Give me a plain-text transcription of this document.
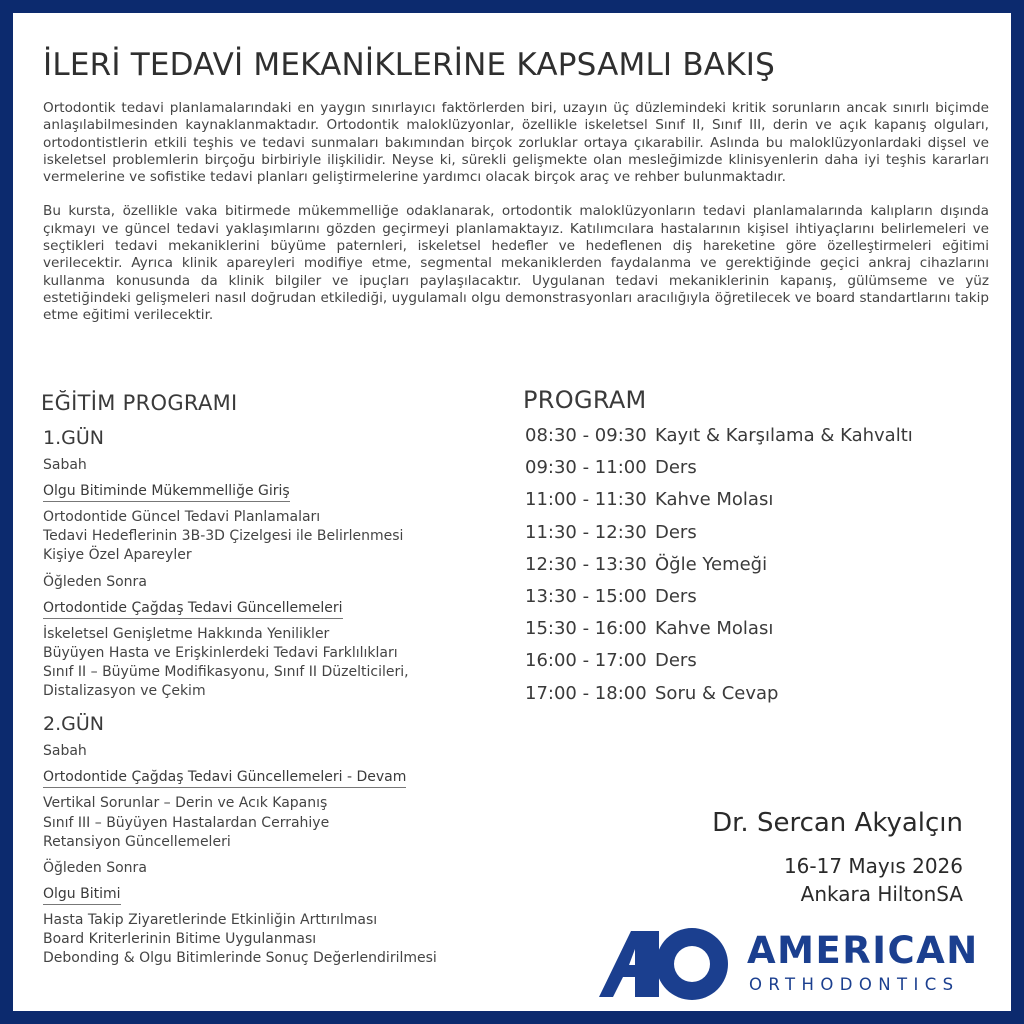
İLERİ TEDAVİ MEKANİKLERİNE KAPSAMLI BAKIŞ

Ortodontik tedavi planlamalarındaki en yaygın sınırlayıcı faktörlerden biri, uzayın üç düzlemindeki kritik sorunların ancak sınırlı biçimde anlaşılabilmesinden kaynaklanmaktadır. Ortodontik maloklüzyonlar, özellikle iskeletsel Sınıf II, Sınıf III, derin ve açık kapanış olguları, ortodontistlerin etkili teşhis ve tedavi sunmaları bakımından birçok zorluklar ortaya çıkarabilir. Aslında bu maloklüzyonlardaki dişsel ve iskeletsel problemlerin birçoğu birbiriyle ilişkilidir. Neyse ki, sürekli gelişmekte olan mesleğimizde klinisyenlerin daha iyi teşhis kararları vermelerine ve sofistike tedavi planları geliştirmelerine yardımcı olacak birçok araç ve rehber bulunmaktadır.

Bu kursta, özellikle vaka bitirmede mükemmelliğe odaklanarak, ortodontik maloklüzyonların tedavi planlamalarında kalıpların dışında çıkmayı ve güncel tedavi yaklaşımlarını gözden geçirmeyi planlamaktayız. Katılımcılara hastalarının kişisel ihtiyaçlarını belirlemeleri ve seçtikleri tedavi mekaniklerini büyüme paternleri, iskeletsel hedefler ve hedeflenen diş hareketine göre özelleştirmeleri eğitimi verilecektir. Ayrıca klinik apareyleri modifiye etme, segmental mekaniklerden faydalanma ve gerektiğinde geçici ankraj cihazlarını kullanma konusunda da klinik bilgiler ve ipuçları paylaşılacaktır. Uygulanan tedavi mekaniklerinin kapanış, gülümseme ve yüz estetiğindeki gelişmeleri nasıl doğrudan etkilediği, uygulamalı olgu demonstrasyonları aracılığıyla öğretilecek ve board standartlarını takip etme eğitimi verilecektir.

EĞİTİM PROGRAMI
1.GÜN
Sabah
Olgu Bitiminde Mükemmelliğe Giriş
Ortodontide Güncel Tedavi Planlamaları
Tedavi Hedeflerinin 3B-3D Çizelgesi ile Belirlenmesi
Kişiye Özel Apareyler
Öğleden Sonra
Ortodontide Çağdaş Tedavi Güncellemeleri
İskeletsel Genişletme Hakkında Yenilikler
Büyüyen Hasta ve Erişkinlerdeki Tedavi Farklılıkları
Sınıf II – Büyüme Modifikasyonu, Sınıf II Düzelticileri,
Distalizasyon ve Çekim
2.GÜN
Sabah
Ortodontide Çağdaş Tedavi Güncellemeleri - Devam
Vertikal Sorunlar – Derin ve Acık Kapanış
Sınıf III – Büyüyen Hastalardan Cerrahiye
Retansiyon Güncellemeleri
Öğleden Sonra
Olgu Bitimi
Hasta Takip Ziyaretlerinde Etkinliğin Arttırılması
Board Kriterlerinin Bitime Uygulanması
Debonding & Olgu Bitimlerinde Sonuç Değerlendirilmesi
PROGRAM
08:30 - 09:30 Kayıt & Karşılama & Kahvaltı
09:30 - 11:00 Ders
11:00 - 11:30 Kahve Molası
11:30 - 12:30 Ders
12:30 - 13:30 Öğle Yemeği
13:30 - 15:00 Ders
15:30 - 16:00 Kahve Molası
16:00 - 17:00 Ders
17:00 - 18:00 Soru & Cevap
Dr. Sercan Akyalçın
16-17 Mayıs 2026
Ankara HiltonSA
AMERICAN
ORTHODONTICS
